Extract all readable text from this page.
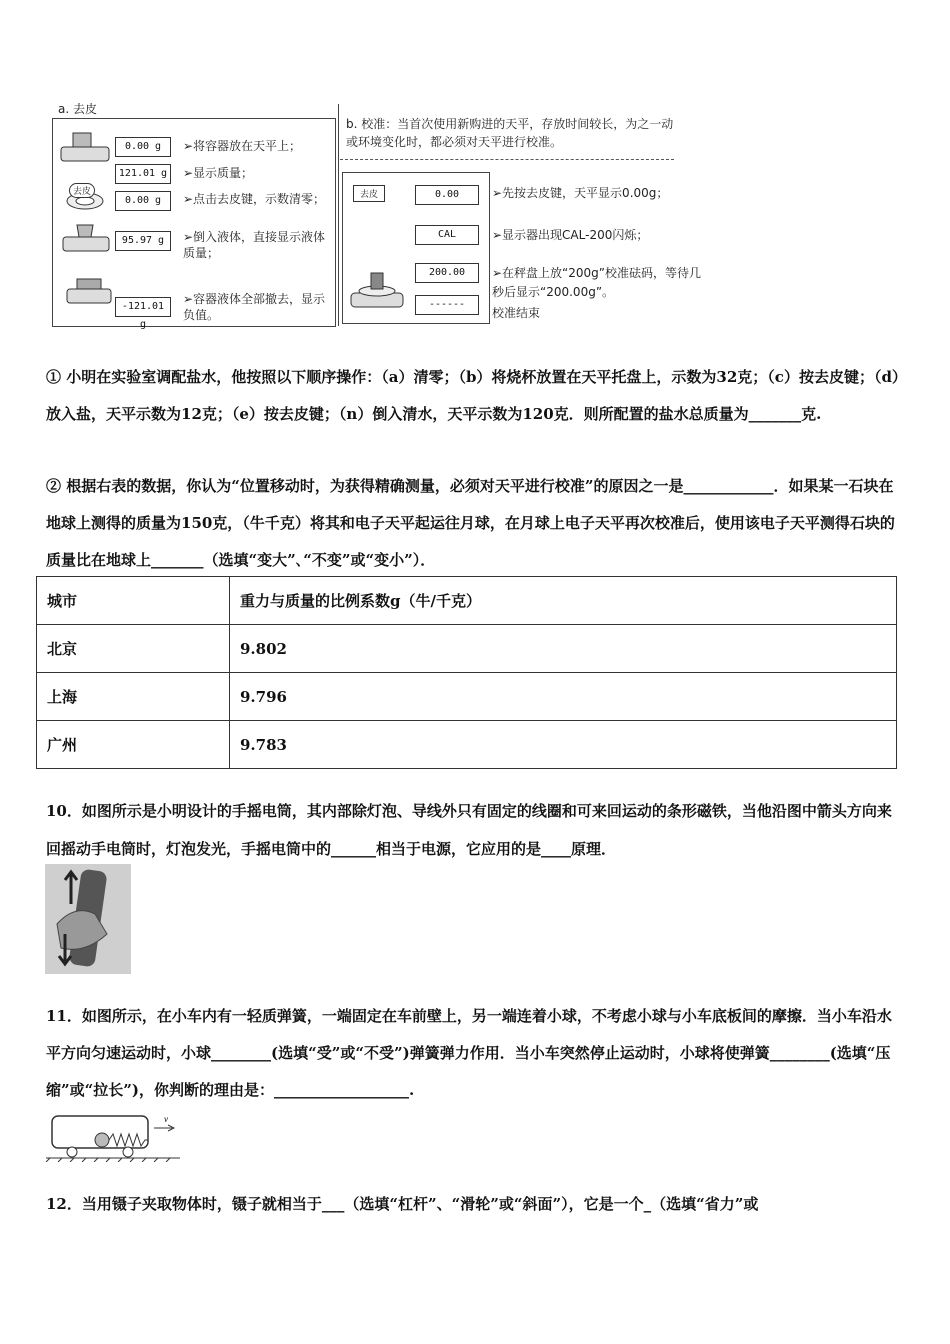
a. 去皮
0.00 g
121.01 g
0.00 g
95.97 g
-121.01 g
去皮
➢将容器放在天平上；
➢显示质量；
➢点击去皮键，示数清零；
➢倒入液体，直接显示液体质量；
➢容器液体全部撤去，显示负值。
b. 校准：当首次使用新购进的天平，存放时间较长，为之一动或环境变化时，都必须对天平进行校准。
去皮	0.00
CAL
200.00
------
➢先按去皮键，天平显示0.00g；
➢显示器出现CAL-200闪烁；
➢在秤盘上放“200g”校准砝码，等待几秒后显示“200.00g”。
校准结束
① 小明在实验室调配盐水，他按照以下顺序操作：（a）清零；（b）将烧杯放置在天平托盘上，示数为32克；（c）按去皮键；（d）放入盐，天平示数为12克；（e）按去皮键；（n）倒入清水，天平示数为120克．则所配置的盐水总质量为_______克.
② 根据右表的数据，你认为“位置移动时，为获得精确测量，必须对天平进行校准”的原因之一是____________．如果某一石块在地球上测得的质量为150克，（牛千克）将其和电子天平起运往月球，在月球上电子天平再次校准后，使用该电子天平测得石块的质量比在地球上_______（选填“变大”､“不变”或“变小”）．
城市	重力与质量的比例系数g（牛/千克）
北京	9.802
上海	9.796
广州	9.783
10．如图所示是小明设计的手摇电筒，其内部除灯泡、导线外只有固定的线圈和可来回运动的条形磁铁，当他沿图中箭头方向来回摇动手电筒时，灯泡发光，手摇电筒中的______相当于电源，它应用的是____原理．
11．如图所示，在小车内有一轻质弹簧，一端固定在车前壁上，另一端连着小球，不考虑小球与小车底板间的摩擦．当小车沿水平方向匀速运动时，小球________(选填“受”或“不受”)弹簧弹力作用．当小车突然停止运动时，小球将使弹簧________(选填“压缩”或“拉长”)，你判断的理由是：__________________.
v
12．当用镊子夹取物体时，镊子就相当于___（选填“杠杆”、“滑轮”或“斜面”），它是一个_（选填“省力”或
